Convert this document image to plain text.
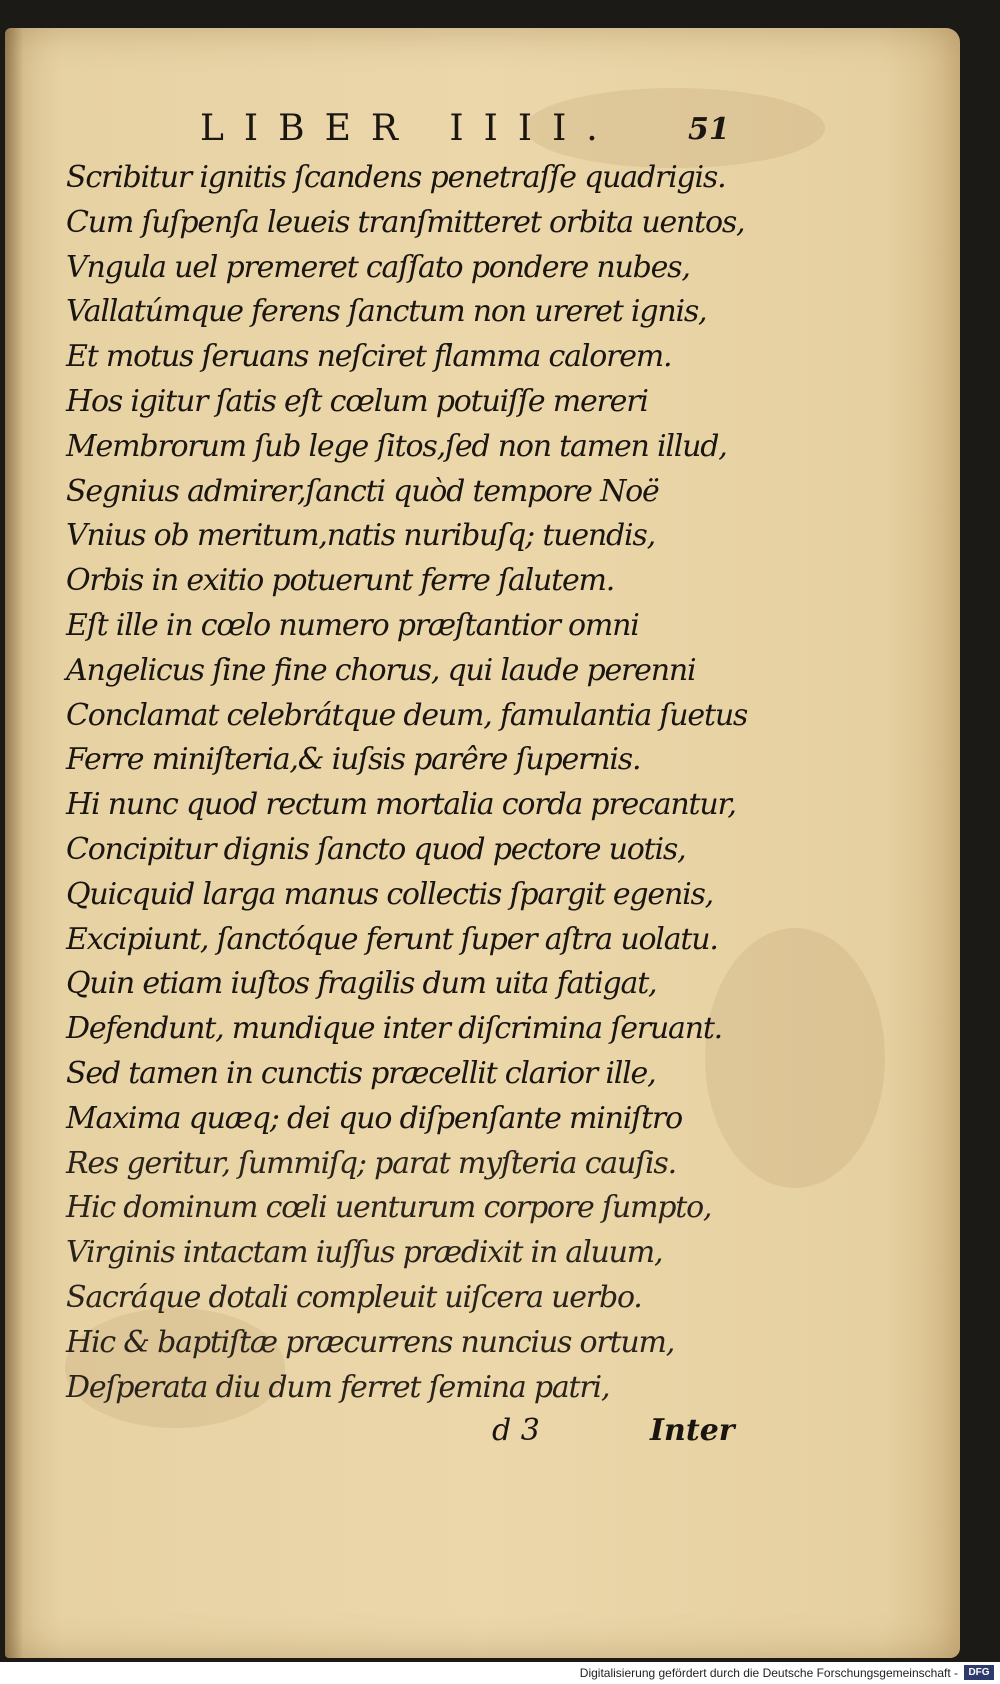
LIBER IIII. 51
Scribitur ignitis ſcandens penetraſſe quadrigis.
Cum ſuſpenſa leueis tranſmitteret orbita uentos,
Vngula uel premeret caſſato pondere nubes,
Vallatúmque ferens ſanctum non ureret ignis,
Et motus ſeruans neſciret flamma calorem.
Hos igitur ſatis eſt cœlum potuiſſe mereri
Membrorum ſub lege ſitos,ſed non tamen illud,
Segnius admirer,ſancti quòd tempore Noë
Vnius ob meritum,natis nuribuſq; tuendis,
Orbis in exitio potuerunt ferre ſalutem.
Eſt ille in cœlo numero præſtantior omni
Angelicus ſine fine chorus, qui laude perenni
Conclamat celebrátque deum, famulantia ſuetus
Ferre miniſteria,& iuſsis parêre ſupernis.
Hi nunc quod rectum mortalia corda precantur,
Concipitur dignis ſancto quod pectore uotis,
Quicquid larga manus collectis ſpargit egenis,
Excipiunt, ſanctóque ferunt ſuper aſtra uolatu.
Quin etiam iuſtos fragilis dum uita fatigat,
Defendunt, mundique inter diſcrimina ſeruant.
Sed tamen in cunctis præcellit clarior ille,
Maxima quæq; dei quo diſpenſante miniſtro
Res geritur, ſummiſq; parat myſteria cauſis.
Hic dominum cœli uenturum corpore ſumpto,
Virginis intactam iuſſus prædixit in aluum,
Sacráque dotali compleuit uiſcera uerbo.
Hic & baptiſtæ præcurrens nuncius ortum,
Deſperata diu dum ferret ſemina patri,
d 3	Inter
Digitalisierung gefördert durch die Deutsche Forschungsgemeinschaft -	DFG
